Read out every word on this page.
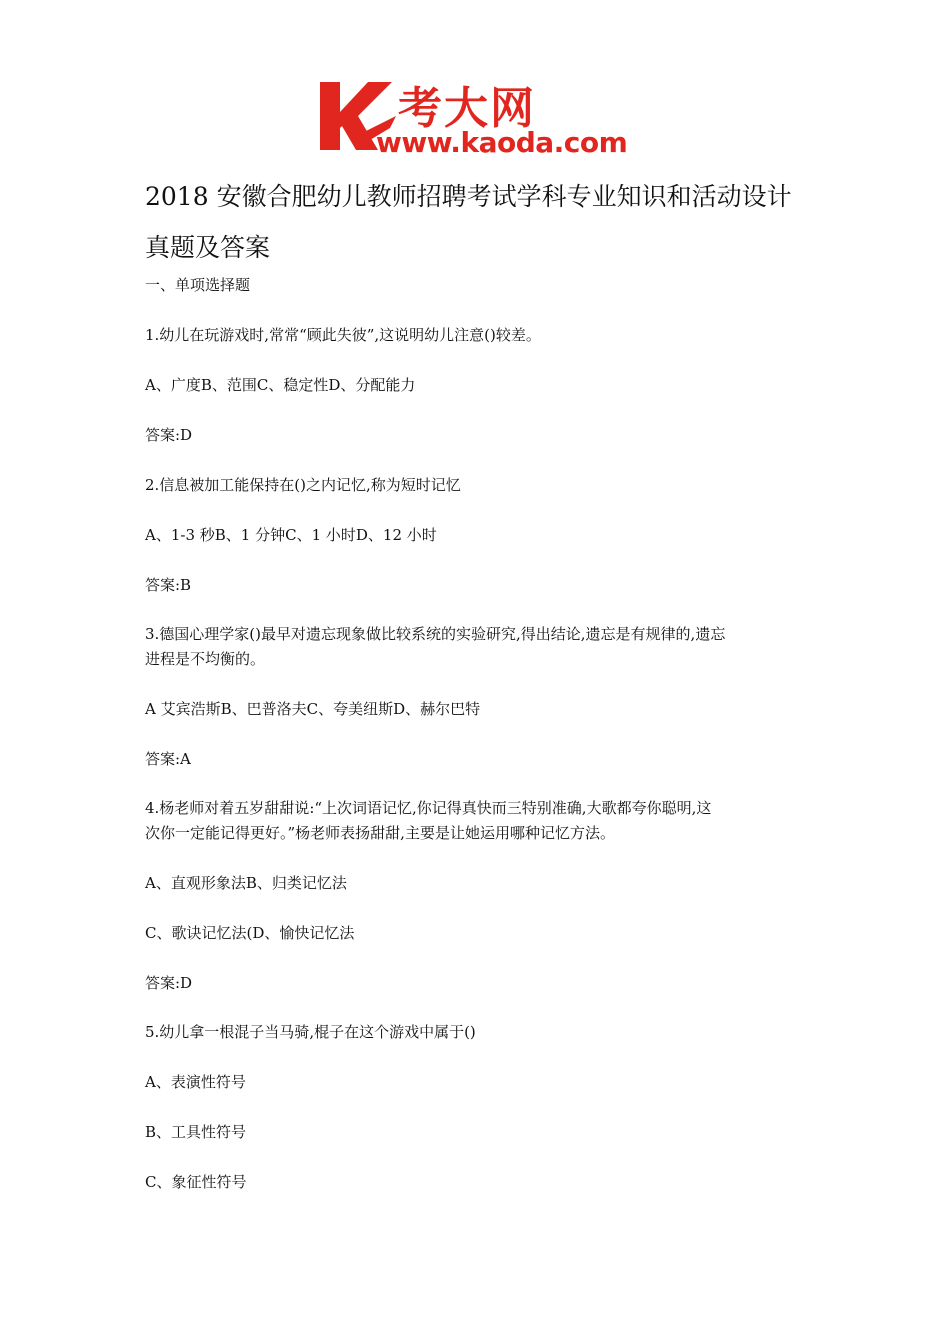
考大网
www.kaoda.com
2018 安徽合肥幼儿教师招聘考试学科专业知识和活动设计
真题及答案
一、单项选择题
1.幼儿在玩游戏时,常常“顾此失彼”,这说明幼儿注意()较差。
A、广度B、范围C、稳定性D、分配能力
答案:D
2.信息被加工能保持在()之内记忆,称为短时记忆
A、1-3 秒B、1 分钟C、1 小时D、12 小时
答案:B
3.德国心理学家()最早对遗忘现象做比较系统的实验研究,得出结论,遗忘是有规律的,遗忘
进程是不均衡的。
A 艾宾浩斯B、巴普洛夫C、夸美纽斯D、赫尔巴特
答案:A
4.杨老师对着五岁甜甜说:“上次词语记忆,你记得真快而三特别准确,大歌都夸你聪明,这
次你一定能记得更好。”杨老师表扬甜甜,主要是让她运用哪种记忆方法。
A、直观形象法B、归类记忆法
C、歌诀记忆法(D、愉快记忆法
答案:D
5.幼儿拿一根混子当马骑,棍子在这个游戏中属于()
A、表演性符号
B、工具性符号
C、象征性符号
